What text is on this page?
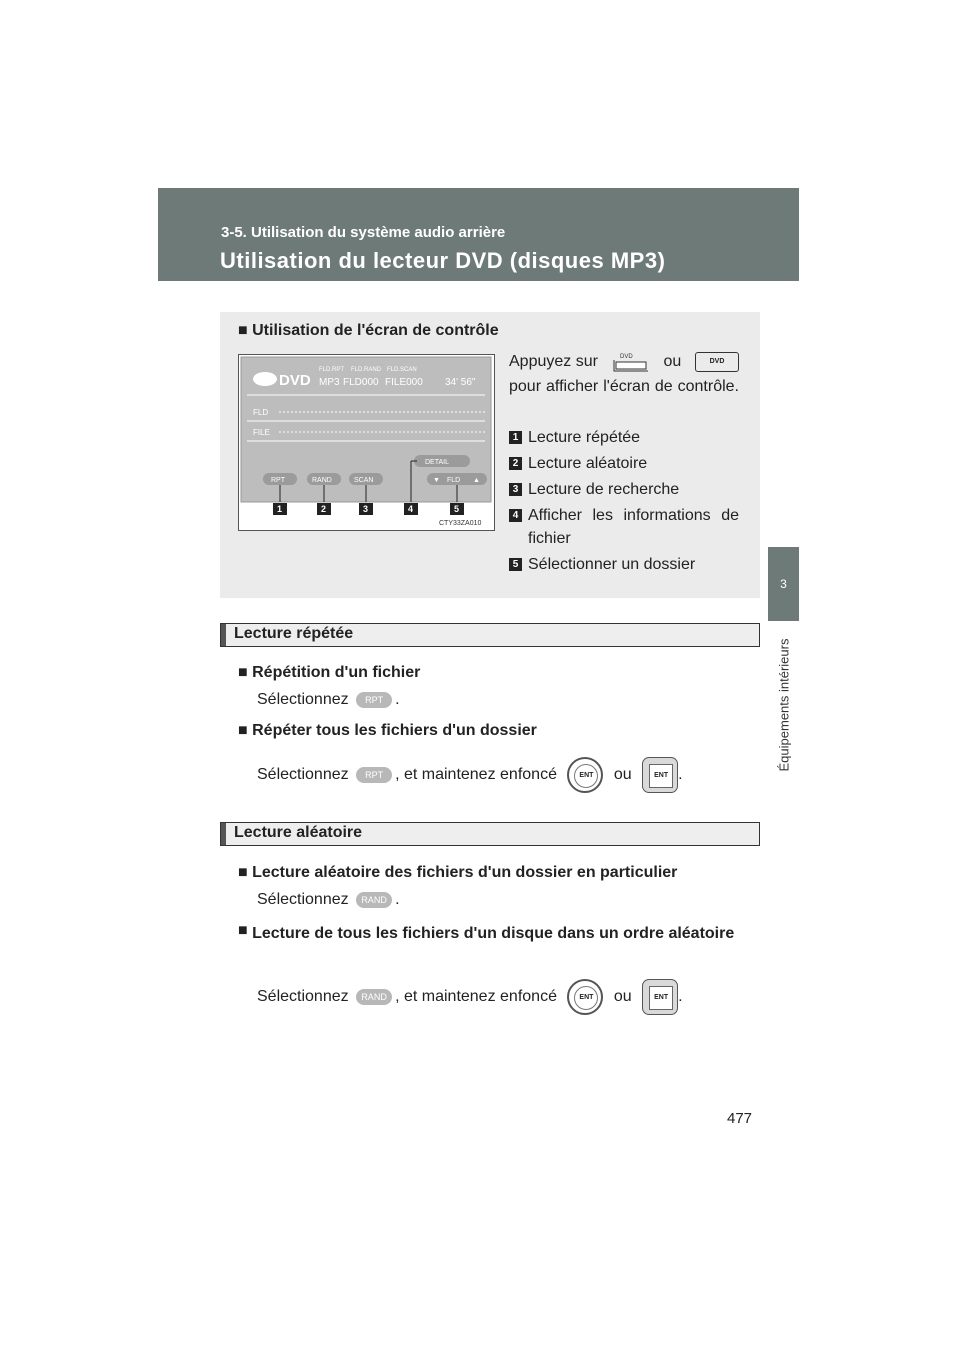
3-5. Utilisation du système audio arrière
Utilisation du lecteur DVD (disques MP3)
3
Équipements intérieurs
■ Utilisation de l'écran de contrôle
DVD
FLD.RPT FLD.RAND FLD.SCAN
MP3 FLD000 FILE000 34' 56"
FLD
FILE
DETAIL
RPT	RAND	SCAN	▼ FLD ▲
1	2	3	4	5
CTY33ZA010
Appuyez sur	DVD ou	DVD
pour afficher l'écran de contrôle.
1 Lecture répétée
2 Lecture aléatoire
3 Lecture de recherche
4 Afficher les informations de fichier
5 Sélectionner un dossier
Lecture répétée
■ Répétition d'un fichier
Sélectionnez RPT .
■ Répéter tous les fichiers d'un dossier
Sélectionnez RPT , et maintenez enfoncé	ENT	ou	ENT .
Lecture aléatoire
■ Lecture aléatoire des fichiers d'un dossier en particulier
Sélectionnez RAND .
■ Lecture de tous les fichiers d'un disque dans un ordre aléatoire
Sélectionnez RAND , et maintenez enfoncé	ENT	ou	ENT .
477
